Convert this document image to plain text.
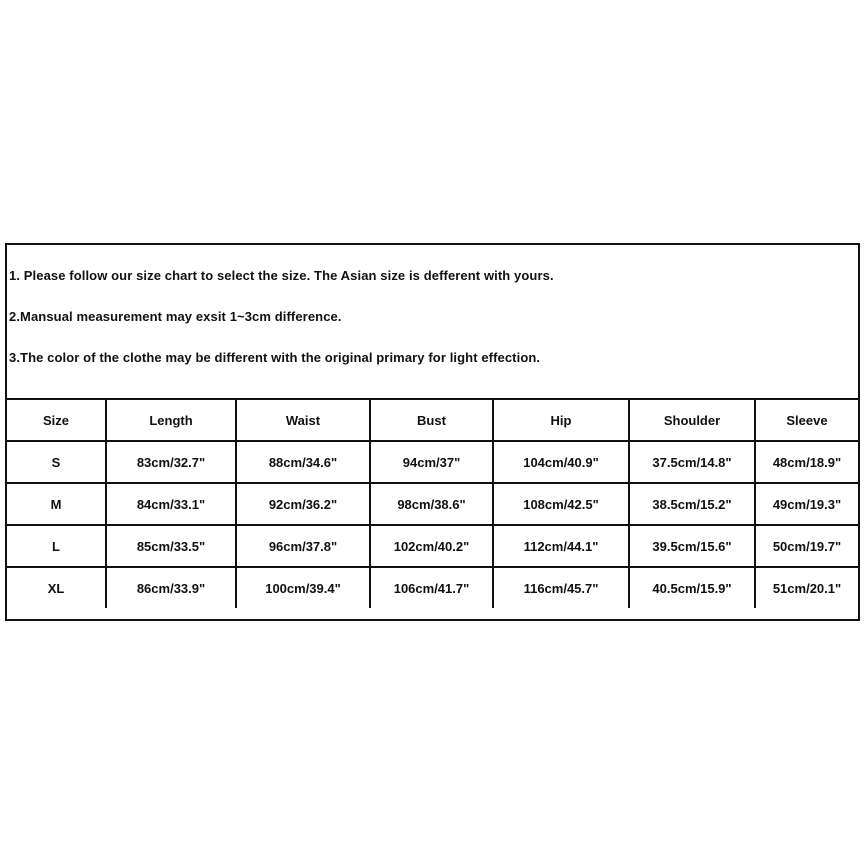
1. Please follow our size chart to select the size. The Asian size is defferent with yours.
2.Mansual measurement may exsit 1~3cm difference.
3.The color of the clothe may be different with the original primary for light effection.
Size	Length	Waist	Bust	Hip	Shoulder	Sleeve
S	83cm/32.7"	88cm/34.6"	94cm/37"	104cm/40.9"	37.5cm/14.8"	48cm/18.9"
M	84cm/33.1"	92cm/36.2"	98cm/38.6"	108cm/42.5"	38.5cm/15.2"	49cm/19.3"
L	85cm/33.5"	96cm/37.8"	102cm/40.2"	112cm/44.1"	39.5cm/15.6"	50cm/19.7"
XL	86cm/33.9"	100cm/39.4"	106cm/41.7"	116cm/45.7"	40.5cm/15.9"	51cm/20.1"
